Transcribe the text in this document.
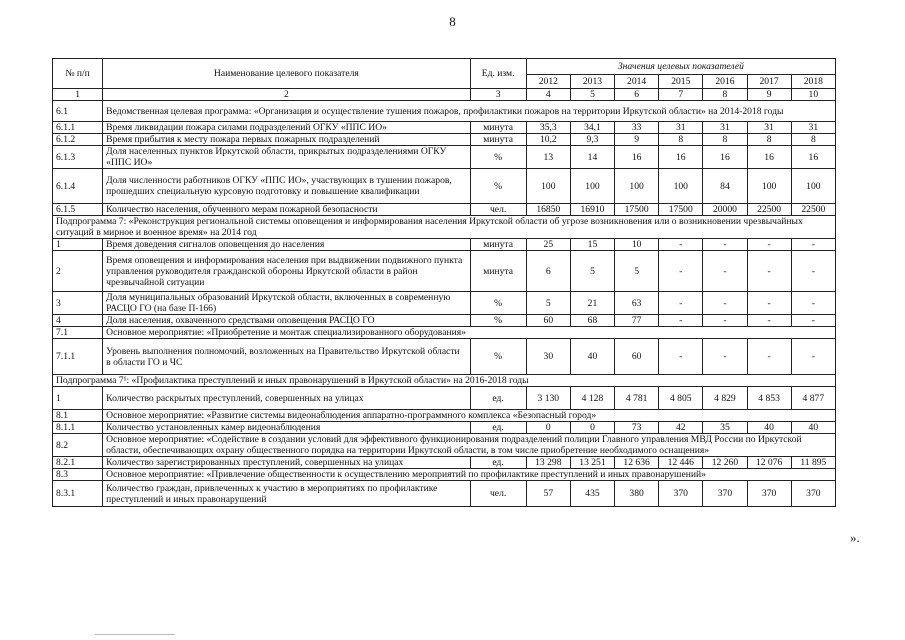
8
№ п/п	Наименование целевого показателя	Ед. изм.	Значения целевых показателей						
			2012	2013	2014	2015	2016	2017	2018
1	2	3	4	5	6	7	8	9	10
6.1	Ведомственная целевая программа: «Организация и осуществление тушения пожаров, профилактики пожаров на территории Иркутской области» на 2014-2018 годы								
6.1.1	Время ликвидации пожара силами подразделений ОГКУ «ППС ИО»	минута	35,3	34,1	33	31	31	31	31
6.1.2	Время прибытия к месту пожара первых пожарных подразделений	минута	10,2	9,3	9	8	8	8	8
6.1.3	Доля населенных пунктов Иркутской области, прикрытых подразделениями ОГКУ «ППС ИО»	%	13	14	16	16	16	16	16
6.1.4	Доля численности работников ОГКУ «ППС ИО», участвующих в тушении пожаров, прошедших специальную курсовую подготовку и повышение квалификации	%	100	100	100	100	84	100	100
6.1.5	Количество населения, обученного мерам пожарной безопасности	чел.	16850	16910	17500	17500	20000	22500	22500
Подпрограмма 7: «Реконструкция региональной системы оповещения и информирования населения Иркутской области об угрозе возникновения или о возникновении чрезвычайных ситуаций в мирное и военное время» на 2014 год									
1	Время доведения сигналов оповещения до населения	минута	25	15	10	-	-	-	-
2	Время оповещения и информирования населения при выдвижении подвижного пункта управления руководителя гражданской обороны Иркутской области в район чрезвычайной ситуации	минута	6	5	5	-	-	-	-
3	Доля муниципальных образований Иркутской области, включенных в современную РАСЦО ГО (на базе П-166)	%	5	21	63	-	-	-	-
4	Доля населения, охваченного средствами оповещения РАСЦО ГО	%	60	68	77	-	-	-	-
7.1	Основное мероприятие: «Приобретение и монтаж специализированного оборудования»								
7.1.1	Уровень выполнения полномочий, возложенных на Правительство Иркутской области в области ГО и ЧС	%	30	40	60	-	-	-	-
Подпрограмма 7¹: «Профилактика преступлений и иных правонарушений в Иркутской области» на 2016-2018 годы									
1	Количество раскрытых преступлений, совершенных на улицах	ед.	3 130	4 128	4 781	4 805	4 829	4 853	4 877
8.1	Основное мероприятие: «Развитие системы видеонаблюдения аппаратно-программного комплекса «Безопасный город»								
8.1.1	Количество установленных камер видеонаблюдения	ед.	0	0	73	42	35	40	40
8.2	Основное мероприятие: «Содействие в создании условий для эффективного функционирования подразделений полиции Главного управления МВД России по Иркутской области, обеспечивающих охрану общественного порядка на территории Иркутской области, в том числе приобретение необходимого оснащения»								
8.2.1	Количество зарегистрированных преступлений, совершенных на улицах	ед.	13 298	13 251	12 636	12 446	12 260	12 076	11 895
8.3	Основное мероприятие: «Привлечение общественности к осуществлению мероприятий по профилактике преступлений и иных правонарушений»								
8.3.1	Количество граждан, привлеченных к участию в мероприятиях по профилактике преступлений и иных правонарушений	чел.	57	435	380	370	370	370	370
».
